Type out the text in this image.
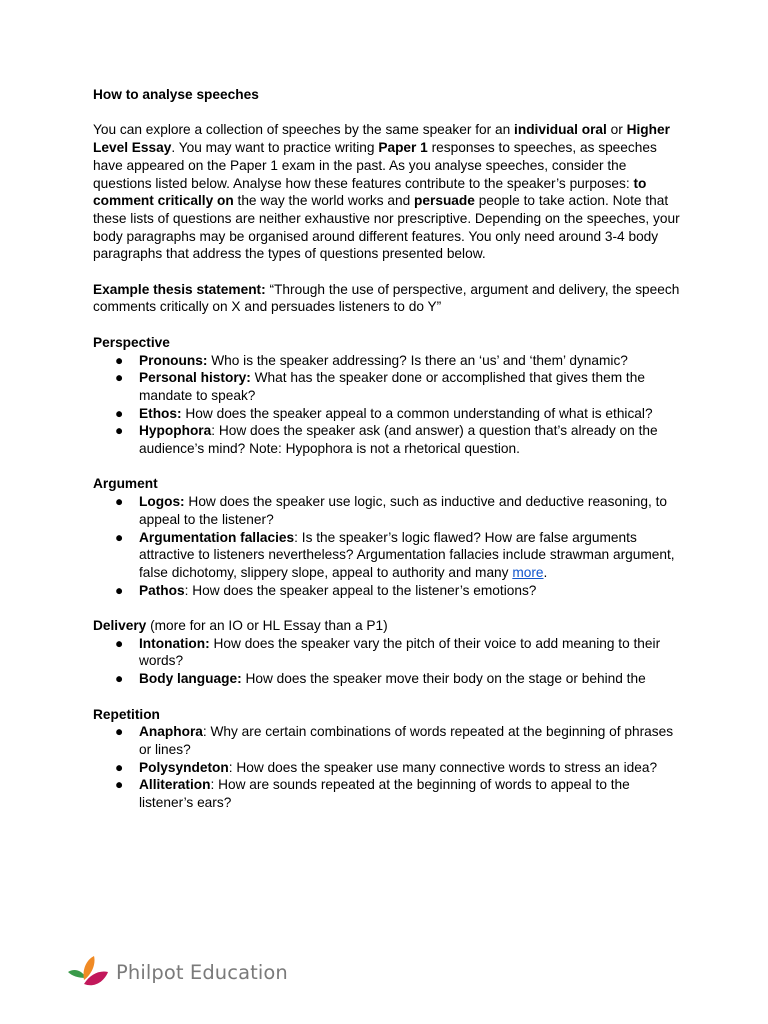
How to analyse speeches

You can explore a collection of speeches by the same speaker for an individual oral or Higher Level Essay. You may want to practice writing Paper 1 responses to speeches, as speeches have appeared on the Paper 1 exam in the past. As you analyse speeches, consider the questions listed below. Analyse how these features contribute to the speaker’s purposes: to comment critically on the way the world works and persuade people to take action. Note that these lists of questions are neither exhaustive nor prescriptive. Depending on the speeches, your body paragraphs may be organised around different features. You only need around 3-4 body paragraphs that address the types of questions presented below.

Example thesis statement: “Through the use of perspective, argument and delivery, the speech comments critically on X and persuades listeners to do Y”

Perspective
● Pronouns: Who is the speaker addressing? Is there an ‘us’ and ‘them’ dynamic?
● Personal history: What has the speaker done or accomplished that gives them the mandate to speak?
● Ethos: How does the speaker appeal to a common understanding of what is ethical?
● Hypophora: How does the speaker ask (and answer) a question that’s already on the audience’s mind? Note: Hypophora is not a rhetorical question.
Argument
● Logos: How does the speaker use logic, such as inductive and deductive reasoning, to appeal to the listener?
● Argumentation fallacies: Is the speaker’s logic flawed? How are false arguments attractive to listeners nevertheless? Argumentation fallacies include strawman argument, false dichotomy, slippery slope, appeal to authority and many more.
● Pathos: How does the speaker appeal to the listener’s emotions?
Delivery (more for an IO or HL Essay than a P1)
● Intonation: How does the speaker vary the pitch of their voice to add meaning to their words?
● Body language: How does the speaker move their body on the stage or behind the
Repetition
● Anaphora: Why are certain combinations of words repeated at the beginning of phrases or lines?
● Polysyndeton: How does the speaker use many connective words to stress an idea?
● Alliteration: How are sounds repeated at the beginning of words to appeal to the listener’s ears?
Philpot Education
